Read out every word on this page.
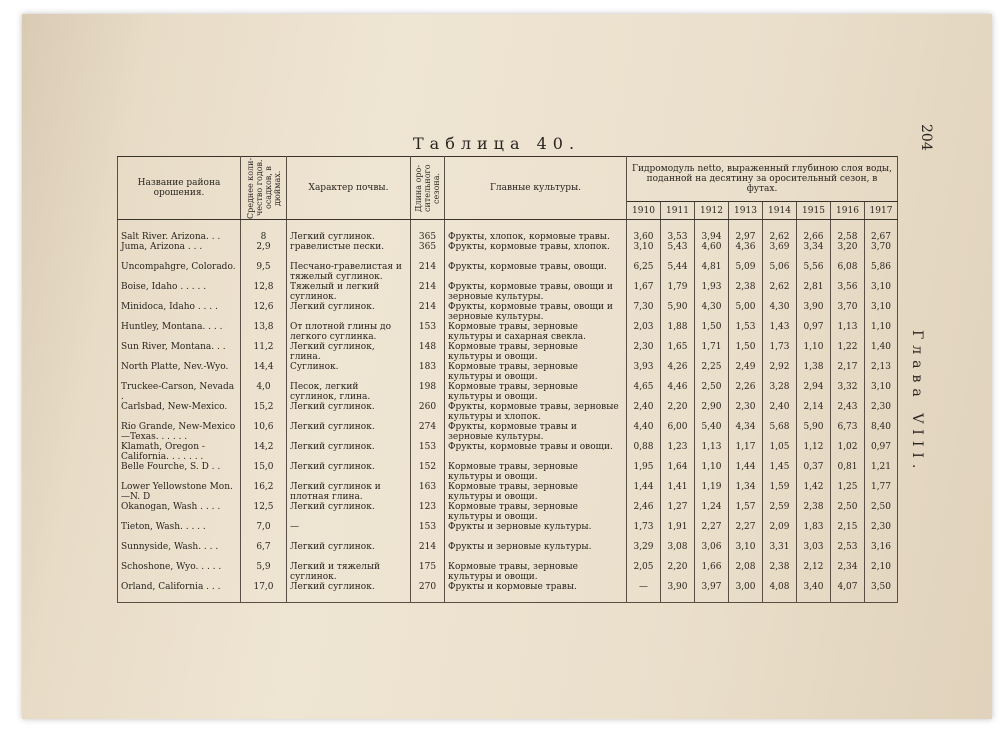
204
Глава VIII.
Таблица 40.
Название района орошения.	Среднее коли-чество годов. осадков, в дюймах.	Характер почвы.	Длина оро-сительного сезона.	Главные культуры.	Гидромодуль netto, выраженный глубиною слоя воды, поданной на десятину за оросительный сезон, в футах.							
					1910	1911	1912	1913	1914	1915	1916	1917
Salt River. Arizona. . .	8	Легкий суглинок.	365	Фрукты, хлопок, кормовые травы.	3,60	3,53	3,94	2,97	2,62	2,66	2,58	2,67
Juma, Arizona . . .	2,9	гравелистые пески.	365	Фрукты, кормовые травы, хлопок.	3,10	5,43	4,60	4,36	3,69	3,34	3,20	3,70
Uncompahgre, Colorado.	9,5	Песчано-гравелистая и тяжелый суглинок.	214	Фрукты, кормовые травы, овощи.	6,25	5,44	4,81	5,09	5,06	5,56	6,08	5,86
Boise, Idaho . . . . .	12,8	Тяжелый и легкий суглинок.	214	Фрукты, кормовые травы, овощи и зерновые культуры.	1,67	1,79	1,93	2,38	2,62	2,81	3,56	3,10
Minidoca, Idaho . . . .	12,6	Легкий суглинок.	214	Фрукты, кормовые травы, овощи и зерновые культуры.	7,30	5,90	4,30	5,00	4,30	3,90	3,70	3,10
Huntley, Montana. . . .	13,8	От плотной глины до легкого суглинка.	153	Кормовые травы, зерновые культуры и сахарная свекла.	2,03	1,88	1,50	1,53	1,43	0,97	1,13	1,10
Sun River, Montana. . .	11,2	Легкий суглинок, глина.	148	Кормовые травы, зерновые культуры и овощи.	2,30	1,65	1,71	1,50	1,73	1,10	1,22	1,40
North Platte, Nev.-Wyo.	14,4	Суглинок.	183	Кормовые травы, зерновые культуры и овощи.	3,93	4,26	2,25	2,49	2,92	1,38	2,17	2,13
Truckee-Carson, Nevada .	4,0	Песок, легкий суглинок, глина.	198	Кормовые травы, зерновые культуры и овощи.	4,65	4,46	2,50	2,26	3,28	2,94	3,32	3,10
Carlsbad, New-Mexico.	15,2	Легкий суглинок.	260	Фрукты, кормовые травы, зерновые культуры и хлопок.	2,40	2,20	2,90	2,30	2,40	2,14	2,43	2,30
Rio Grande, New-Mexico—Texas. . . . . .	10,6	Легкий суглинок.	274	Фрукты, кормовые травы и зерновые культуры.	4,40	6,00	5,40	4,34	5,68	5,90	6,73	8,40
Klamath, Oregon - California. . . . . . .	14,2	Легкий суглинок.	153	Фрукты, кормовые травы и овощи.	0,88	1,23	1,13	1,17	1,05	1,12	1,02	0,97
Belle Fourche, S. D . .	15,0	Легкий суглинок.	152	Кормовые травы, зерновые культуры и овощи.	1,95	1,64	1,10	1,44	1,45	0,37	0,81	1,21
Lower Yellowstone Mon.—N. D	16,2	Легкий суглинок и плотная глина.	163	Кормовые травы, зерновые культуры и овощи.	1,44	1,41	1,19	1,34	1,59	1,42	1,25	1,77
Okanogan, Wash . . . .	12,5	Легкий суглинок.	123	Кормовые травы, зерновые культуры и овощи.	2,46	1,27	1,24	1,57	2,59	2,38	2,50	2,50
Tieton, Wash. . . . .	7,0	—	153	Фрукты и зерновые культуры.	1,73	1,91	2,27	2,27	2,09	1,83	2,15	2,30
Sunnyside, Wash. . . .	6,7	Легкий суглинок.	214	Фрукты и зерновые культуры.	3,29	3,08	3,06	3,10	3,31	3,03	2,53	3,16
Schoshone, Wyo. . . . .	5,9	Легкий и тяжелый суглинок.	175	Кормовые травы, зерновые культуры и овощи.	2,05	2,20	1,66	2,08	2,38	2,12	2,34	2,10
Orland, California . . .	17,0	Легкий суглинок.	270	Фрукты и кормовые травы.	—	3,90	3,97	3,00	4,08	3,40	4,07	3,50
